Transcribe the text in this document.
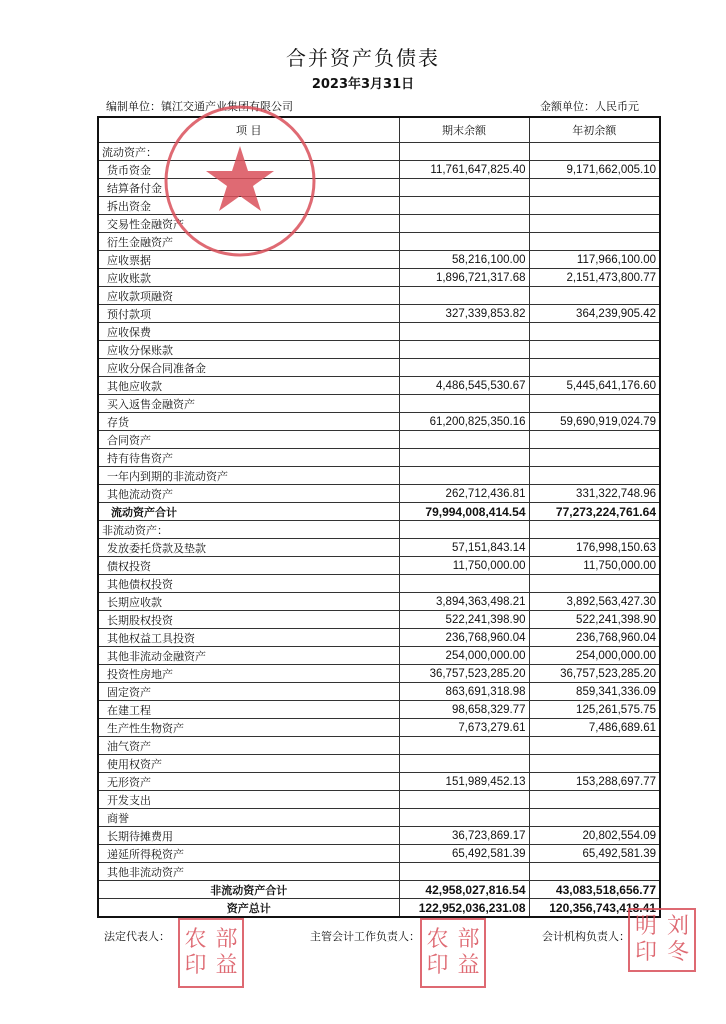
合并资产负债表
2023年3月31日
编制单位：镇江交通产业集团有限公司	金额单位：人民币元
项 目	期末余额	年初余额
流动资产：		
货币资金	11,761,647,825.40	9,171,662,005.10
结算备付金		
拆出资金		
交易性金融资产		
衍生金融资产		
应收票据	58,216,100.00	117,966,100.00
应收账款	1,896,721,317.68	2,151,473,800.77
应收款项融资		
预付款项	327,339,853.82	364,239,905.42
应收保费		
应收分保账款		
应收分保合同准备金		
其他应收款	4,486,545,530.67	5,445,641,176.60
买入返售金融资产		
存货	61,200,825,350.16	59,690,919,024.79
合同资产		
持有待售资产		
一年内到期的非流动资产		
其他流动资产	262,712,436.81	331,322,748.96
流动资产合计	79,994,008,414.54	77,273,224,761.64
非流动资产：		
发放委托贷款及垫款	57,151,843.14	176,998,150.63
债权投资	11,750,000.00	11,750,000.00
其他债权投资		
长期应收款	3,894,363,498.21	3,892,563,427.30
长期股权投资	522,241,398.90	522,241,398.90
其他权益工具投资	236,768,960.04	236,768,960.04
其他非流动金融资产	254,000,000.00	254,000,000.00
投资性房地产	36,757,523,285.20	36,757,523,285.20
固定资产	863,691,318.98	859,341,336.09
在建工程	98,658,329.77	125,261,575.75
生产性生物资产	7,673,279.61	7,486,689.61
油气资产		
使用权资产		
无形资产	151,989,452.13	153,288,697.77
开发支出		
商誉		
长期待摊费用	36,723,869.17	20,802,554.09
递延所得税资产	65,492,581.39	65,492,581.39
其他非流动资产		
非流动资产合计	42,958,027,816.54	43,083,518,656.77
资产总计	122,952,036,231.08	120,356,743,418.41
法定代表人：	主管会计工作负责人：	会计机构负责人：
农 部
印 益
农 部
印 益
明 刘
印 冬
